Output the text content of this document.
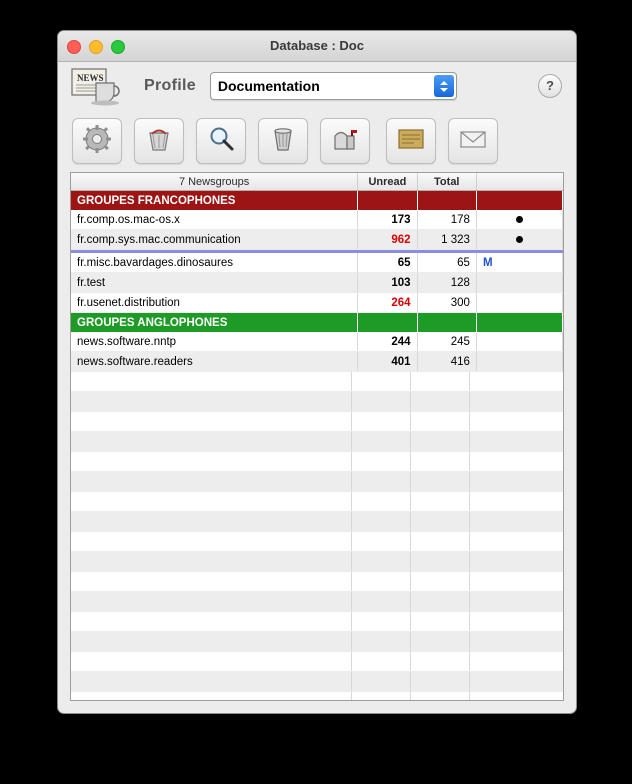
Database : Doc
NEWS	Profile Documentation	?
7 Newsgroups	Unread	Total	
GROUPES FRANCOPHONES			
fr.comp.os.mac-os.x	173	178	
fr.comp.sys.mac.communication	962	1 323	

fr.misc.bavardages.dinosaures	65	65	M
fr.test	103	128	
fr.usenet.distribution	264	300	
GROUPES ANGLOPHONES			
news.software.nntp	244	245	
news.software.readers	401	416	
